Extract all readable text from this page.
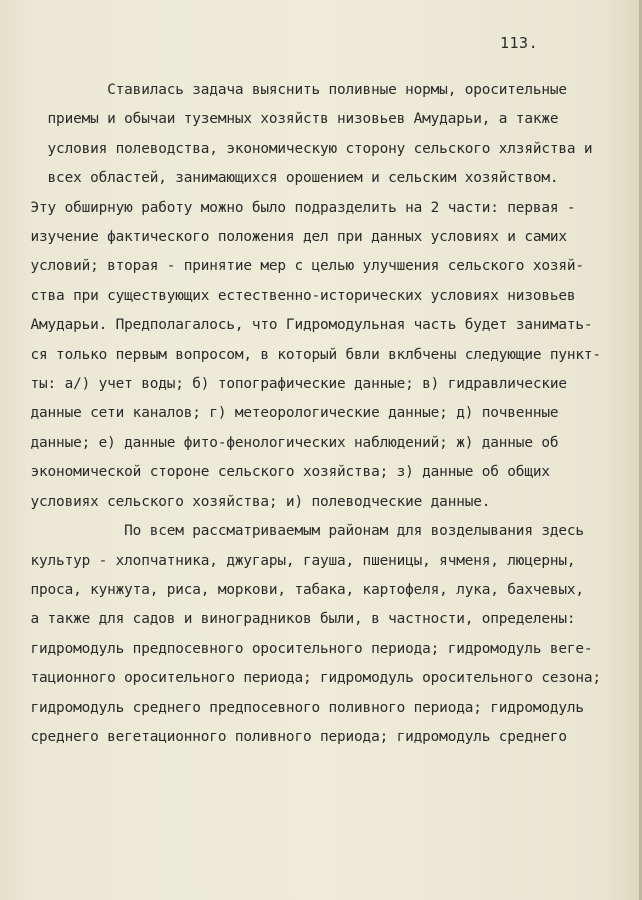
113.
Ставилась задача выяснить поливные нормы, оросительные
приемы и обычаи туземных хозяйств низовьев Амударьи, а также
условия полеводства, экономическую сторону сельского хлзяйства и
всех областей, занимающихся орошением и сельским хозяйством.
Эту обширную работу можно было подразделить на 2 части: первая -
изучение фактического положения дел при данных условиях и самих
условий; вторая - принятие мер с целью улучшения сельского хозяй-
ства при существующих естественно-исторических условиях низовьев
Амударьи. Предполагалось, что Гидромодульная часть будет занимать-
ся только первым вопросом, в который бвли вклбчены следующие пункт-
ты: а/) учет воды; б) топографические данные; в) гидравлические
данные сети каналов; г) метеорологические данные; д) почвенные
данные; е) данные фито-фенологических наблюдений; ж) данные об
экономической стороне сельского хозяйства; з) данные об общих
условиях сельского хозяйства; и) полеводческие данные.
По всем рассматриваемым районам для возделывания здесь
культур - хлопчатника, джугары, гауша, пшеницы, ячменя, люцерны,
проса, кунжута, риса, моркови, табака, картофеля, лука, бахчевых,
а также для садов и виноградников были, в частности, определены:
гидромодуль предпосевного оросительного периода; гидромодуль веге-
тационного оросительного периода; гидромодуль оросительного сезона;
гидромодуль среднего предпосевного поливного периода; гидромодуль
среднего вегетационного поливного периода; гидромодуль среднего
